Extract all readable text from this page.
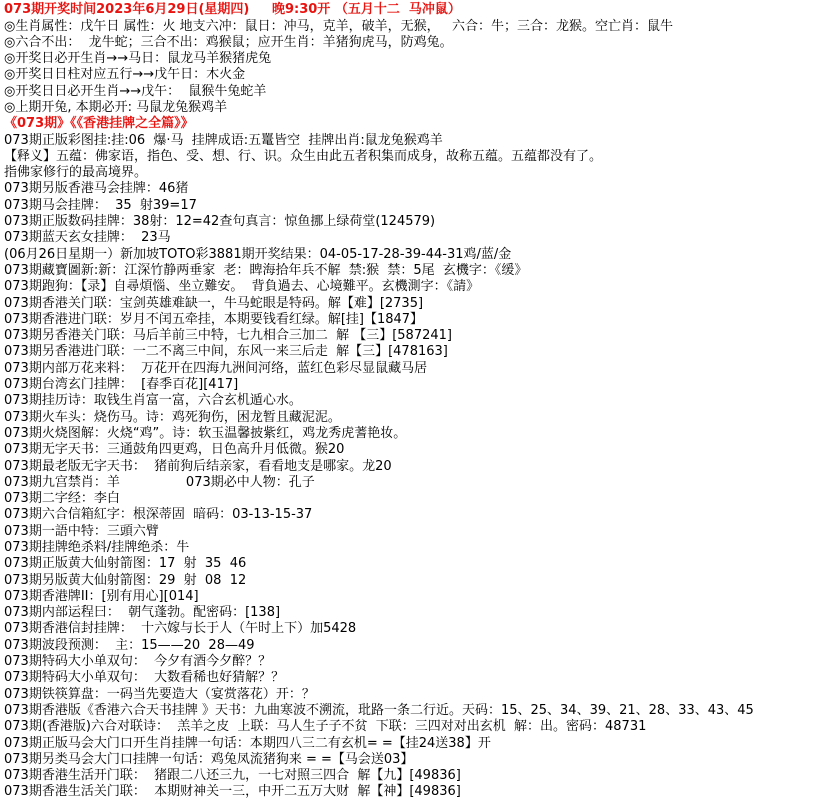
073期开奖时间2023年6月29日(星期四)     晚9:30开 （五月十二  马冲鼠）
◎生肖属性：戊午日 属性：火 地支六冲：鼠日：冲马，克羊，破羊，无猴，   六合：牛；三合：龙猴。空亡肖：鼠牛
◎六合不出：  龙牛蛇；三合不出：鸡猴鼠；应开生肖：羊猪狗虎马，防鸡兔。
◎开奖日必开生肖→→马日：鼠龙马羊猴猪虎兔
◎开奖日日柱对应五行→→戊午日：木火金
◎开奖日日必开生肖→→戊午：  鼠猴牛兔蛇羊
◎上期开兔, 本期必开: 马鼠龙兔猴鸡羊
《073期》《《香港挂牌之全篇》》
073期正版彩图挂:挂:06  爆·马  挂牌成语:五鼍皆空  挂牌出肖:鼠龙兔猴鸡羊
【释义】五蕴：佛家语，指色、受、想、行、识。众生由此五者积集而成身，故称五蕴。五蕴都没有了。
指佛家修行的最高境界。
073期另版香港马会挂牌：46猪
073期马会挂牌：  35  射39=17
073期正版数码挂牌：38射：12=42查句真言：惊鱼挪上绿荷堂(124579)
073期蓝天玄女挂牌：  23马
(06月26日星期一）新加坡TOTO彩3881期开奖结果：04-05-17-28-39-44-31鸡/蓝/金
073期藏寶圖新:新：江深竹静两垂家  老：睥海拾年兵不解  禁:猴  禁：5尾  玄機字：《缓》
073期跑狗：【录】自尋煩惱、坐立難安。  背負過去、心境難平。玄機測字：《請》
073期香港关门联：宝剑英雄难缺一，牛马蛇眼是特码。解【难】[2735]
073期香港进门联：岁月不闰五牵挂，本期要钱看红绿。解[挂]【1847】
073期另香港关门联：马后羊前三中特，七九相合三加二  解 【三】[587241]
073期另香港进门联：一二不离三中间，东风一来三后走  解【三】[478163]
073期内部万花来料：  万花开在四海九洲间河络，蓝红色彩尽显鼠藏马居
073期台湾玄门挂牌：  [春季百花][417]
073期挂历诗：取钱生肖富一富，六合玄机遁心水。
073期火车头：烧伤马。诗：鸡死狗伤，困龙暂且藏泥泥。
073期火烧图解：火烧“鸡”。诗：软玉温馨披紫红，鸡龙秀虎蓍艳妆。
073期无字天书：三通鼓角四更鸡，日色高升月低微。猴20
073期最老版无字天书：  猪前狗后结亲家，看看地支是哪家。龙20
073期九宫禁肖：羊                073期必中人物：孔子
073期二字经：李白
073期六合信箱紅字：根深蒂固  暗码：03-13-15-37
073期一語中特：三頭六臂
073期挂牌绝杀料/挂牌绝杀：牛
073期正版黄大仙射箭图：17  射  35  46
073期另版黄大仙射箭图：29  射  08  12
073期香港牌II：[别有用心][014]
073期内部运程曰：  朝气蓬勃。配密码：[138]
073期香港信封挂牌：  十六嫁与长于人（午时上下）加5428
073期波段预测：  主：15——20  28—49
073期特码大小单双句：  今夕有酒今夕醉？？
073期特码大小单双句：  大数看稀也好猜解？？
073期铁筷算盘：一码当先要造大（宴赏落花）开：？
073期香港版《香港六合天书挂牌 》天书：九曲寒波不溯流，玭路一条二行近。天码：15、25、34、39、21、28、33、43、45
073期(香港版)六合对联诗：  羔羊之皮  上联：马人生子子不贫  下联：三四对对出玄机  解：出。密码：48731
073期正版马会大门口开生肖挂牌一句话：本期四八三二有玄机= =【挂24送38】开
073期另类马会大门口挂牌一句话：鸡兔凤流猪狗来 = =【马会送03】
073期香港生活开门联：  猪跟二八还三九，一七对照三四合  解【九】[49836]
073期香港生活关门联：  本期财神关一三，中开二五万大财  解【神】[49836]
